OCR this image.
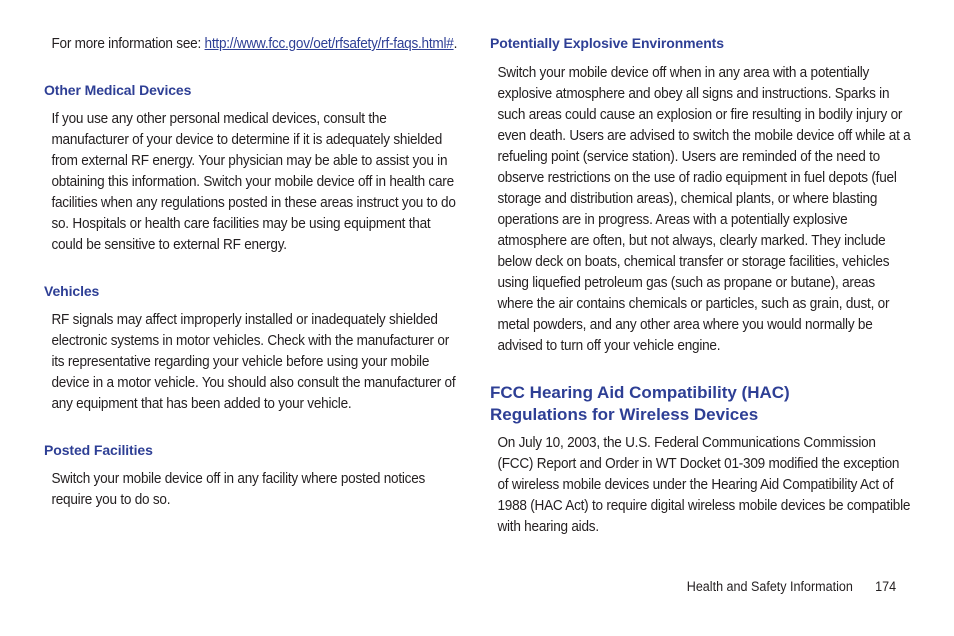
For more information see: http://www.fcc.gov/oet/rfsafety/rf-faqs.html#.

Other Medical Devices

If you use any other personal medical devices, consult the manufacturer of your device to determine if it is adequately shielded from external RF energy. Your physician may be able to assist you in obtaining this information. Switch your mobile device off in health care facilities when any regulations posted in these areas instruct you to do so. Hospitals or health care facilities may be using equipment that could be sensitive to external RF energy.

Vehicles

RF signals may affect improperly installed or inadequately shielded electronic systems in motor vehicles. Check with the manufacturer or its representative regarding your vehicle before using your mobile device in a motor vehicle. You should also consult the manufacturer of any equipment that has been added to your vehicle.

Posted Facilities

Switch your mobile device off in any facility where posted notices require you to do so.

Potentially Explosive Environments

Switch your mobile device off when in any area with a potentially explosive atmosphere and obey all signs and instructions. Sparks in such areas could cause an explosion or fire resulting in bodily injury or even death. Users are advised to switch the mobile device off while at a refueling point (service station). Users are reminded of the need to observe restrictions on the use of radio equipment in fuel depots (fuel storage and distribution areas), chemical plants, or where blasting operations are in progress. Areas with a potentially explosive atmosphere are often, but not always, clearly marked. They include below deck on boats, chemical transfer or storage facilities, vehicles using liquefied petroleum gas (such as propane or butane), areas where the air contains chemicals or particles, such as grain, dust, or metal powders, and any other area where you would normally be advised to turn off your vehicle engine.

FCC Hearing Aid Compatibility (HAC)
Regulations for Wireless Devices

On July 10, 2003, the U.S. Federal Communications Commission (FCC) Report and Order in WT Docket 01-309 modified the exception of wireless mobile devices under the Hearing Aid Compatibility Act of 1988 (HAC Act) to require digital wireless mobile devices be compatible with hearing aids.

Health and Safety Information 174
